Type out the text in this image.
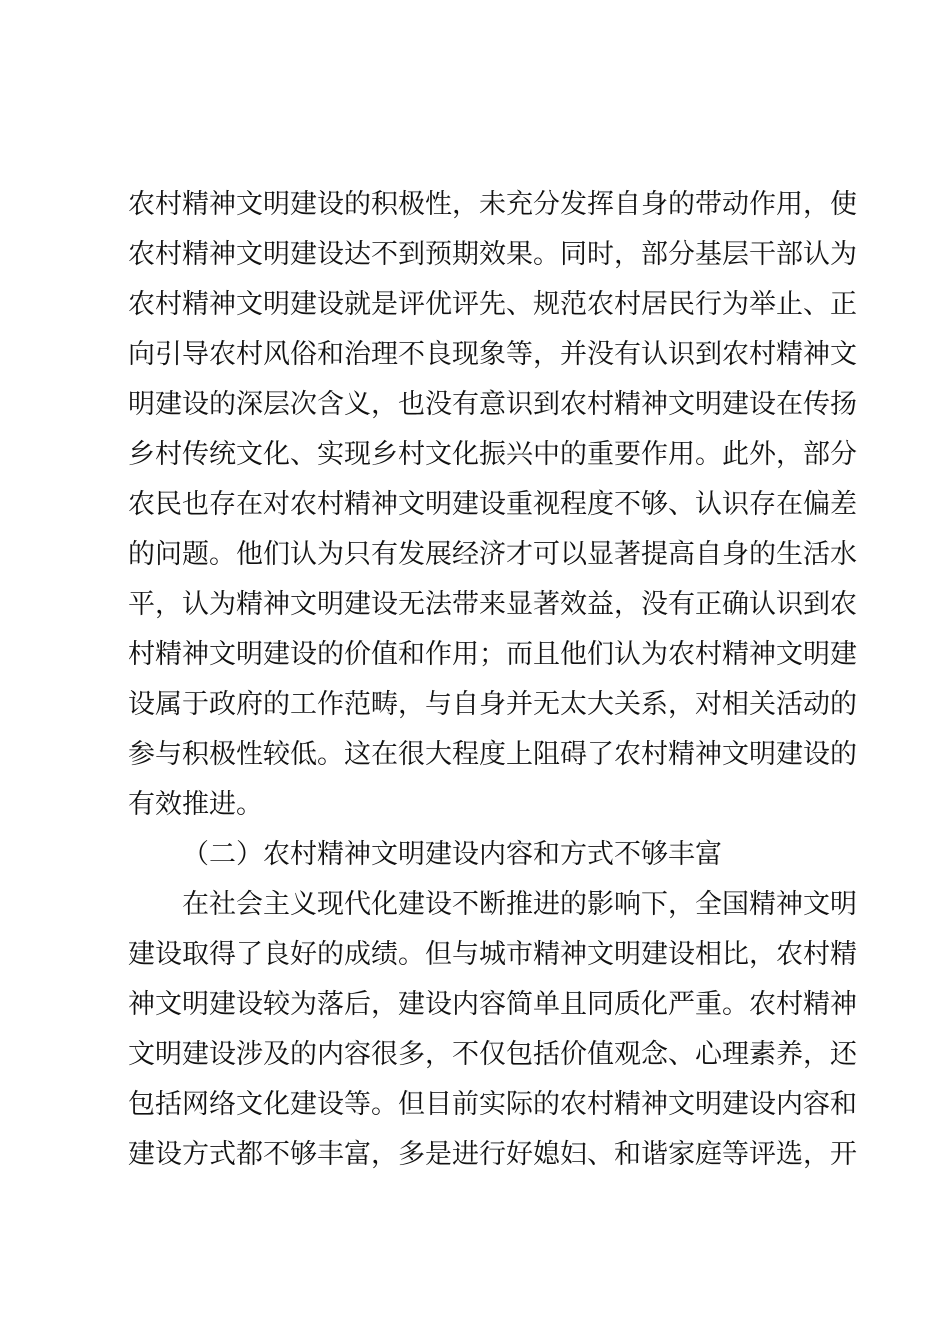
农村精神文明建设的积极性，未充分发挥自身的带动作用，使
农村精神文明建设达不到预期效果。同时，部分基层干部认为
农村精神文明建设就是评优评先、规范农村居民行为举止、正
向引导农村风俗和治理不良现象等，并没有认识到农村精神文
明建设的深层次含义，也没有意识到农村精神文明建设在传扬
乡村传统文化、实现乡村文化振兴中的重要作用。此外，部分
农民也存在对农村精神文明建设重视程度不够、认识存在偏差
的问题。他们认为只有发展经济才可以显著提高自身的生活水
平，认为精神文明建设无法带来显著效益，没有正确认识到农
村精神文明建设的价值和作用；而且他们认为农村精神文明建
设属于政府的工作范畴，与自身并无太大关系，对相关活动的
参与积极性较低。这在很大程度上阻碍了农村精神文明建设的
有效推进。
（二）农村精神文明建设内容和方式不够丰富
在社会主义现代化建设不断推进的影响下，全国精神文明
建设取得了良好的成绩。但与城市精神文明建设相比，农村精
神文明建设较为落后，建设内容简单且同质化严重。农村精神
文明建设涉及的内容很多，不仅包括价值观念、心理素养，还
包括网络文化建设等。但目前实际的农村精神文明建设内容和
建设方式都不够丰富，多是进行好媳妇、和谐家庭等评选，开
